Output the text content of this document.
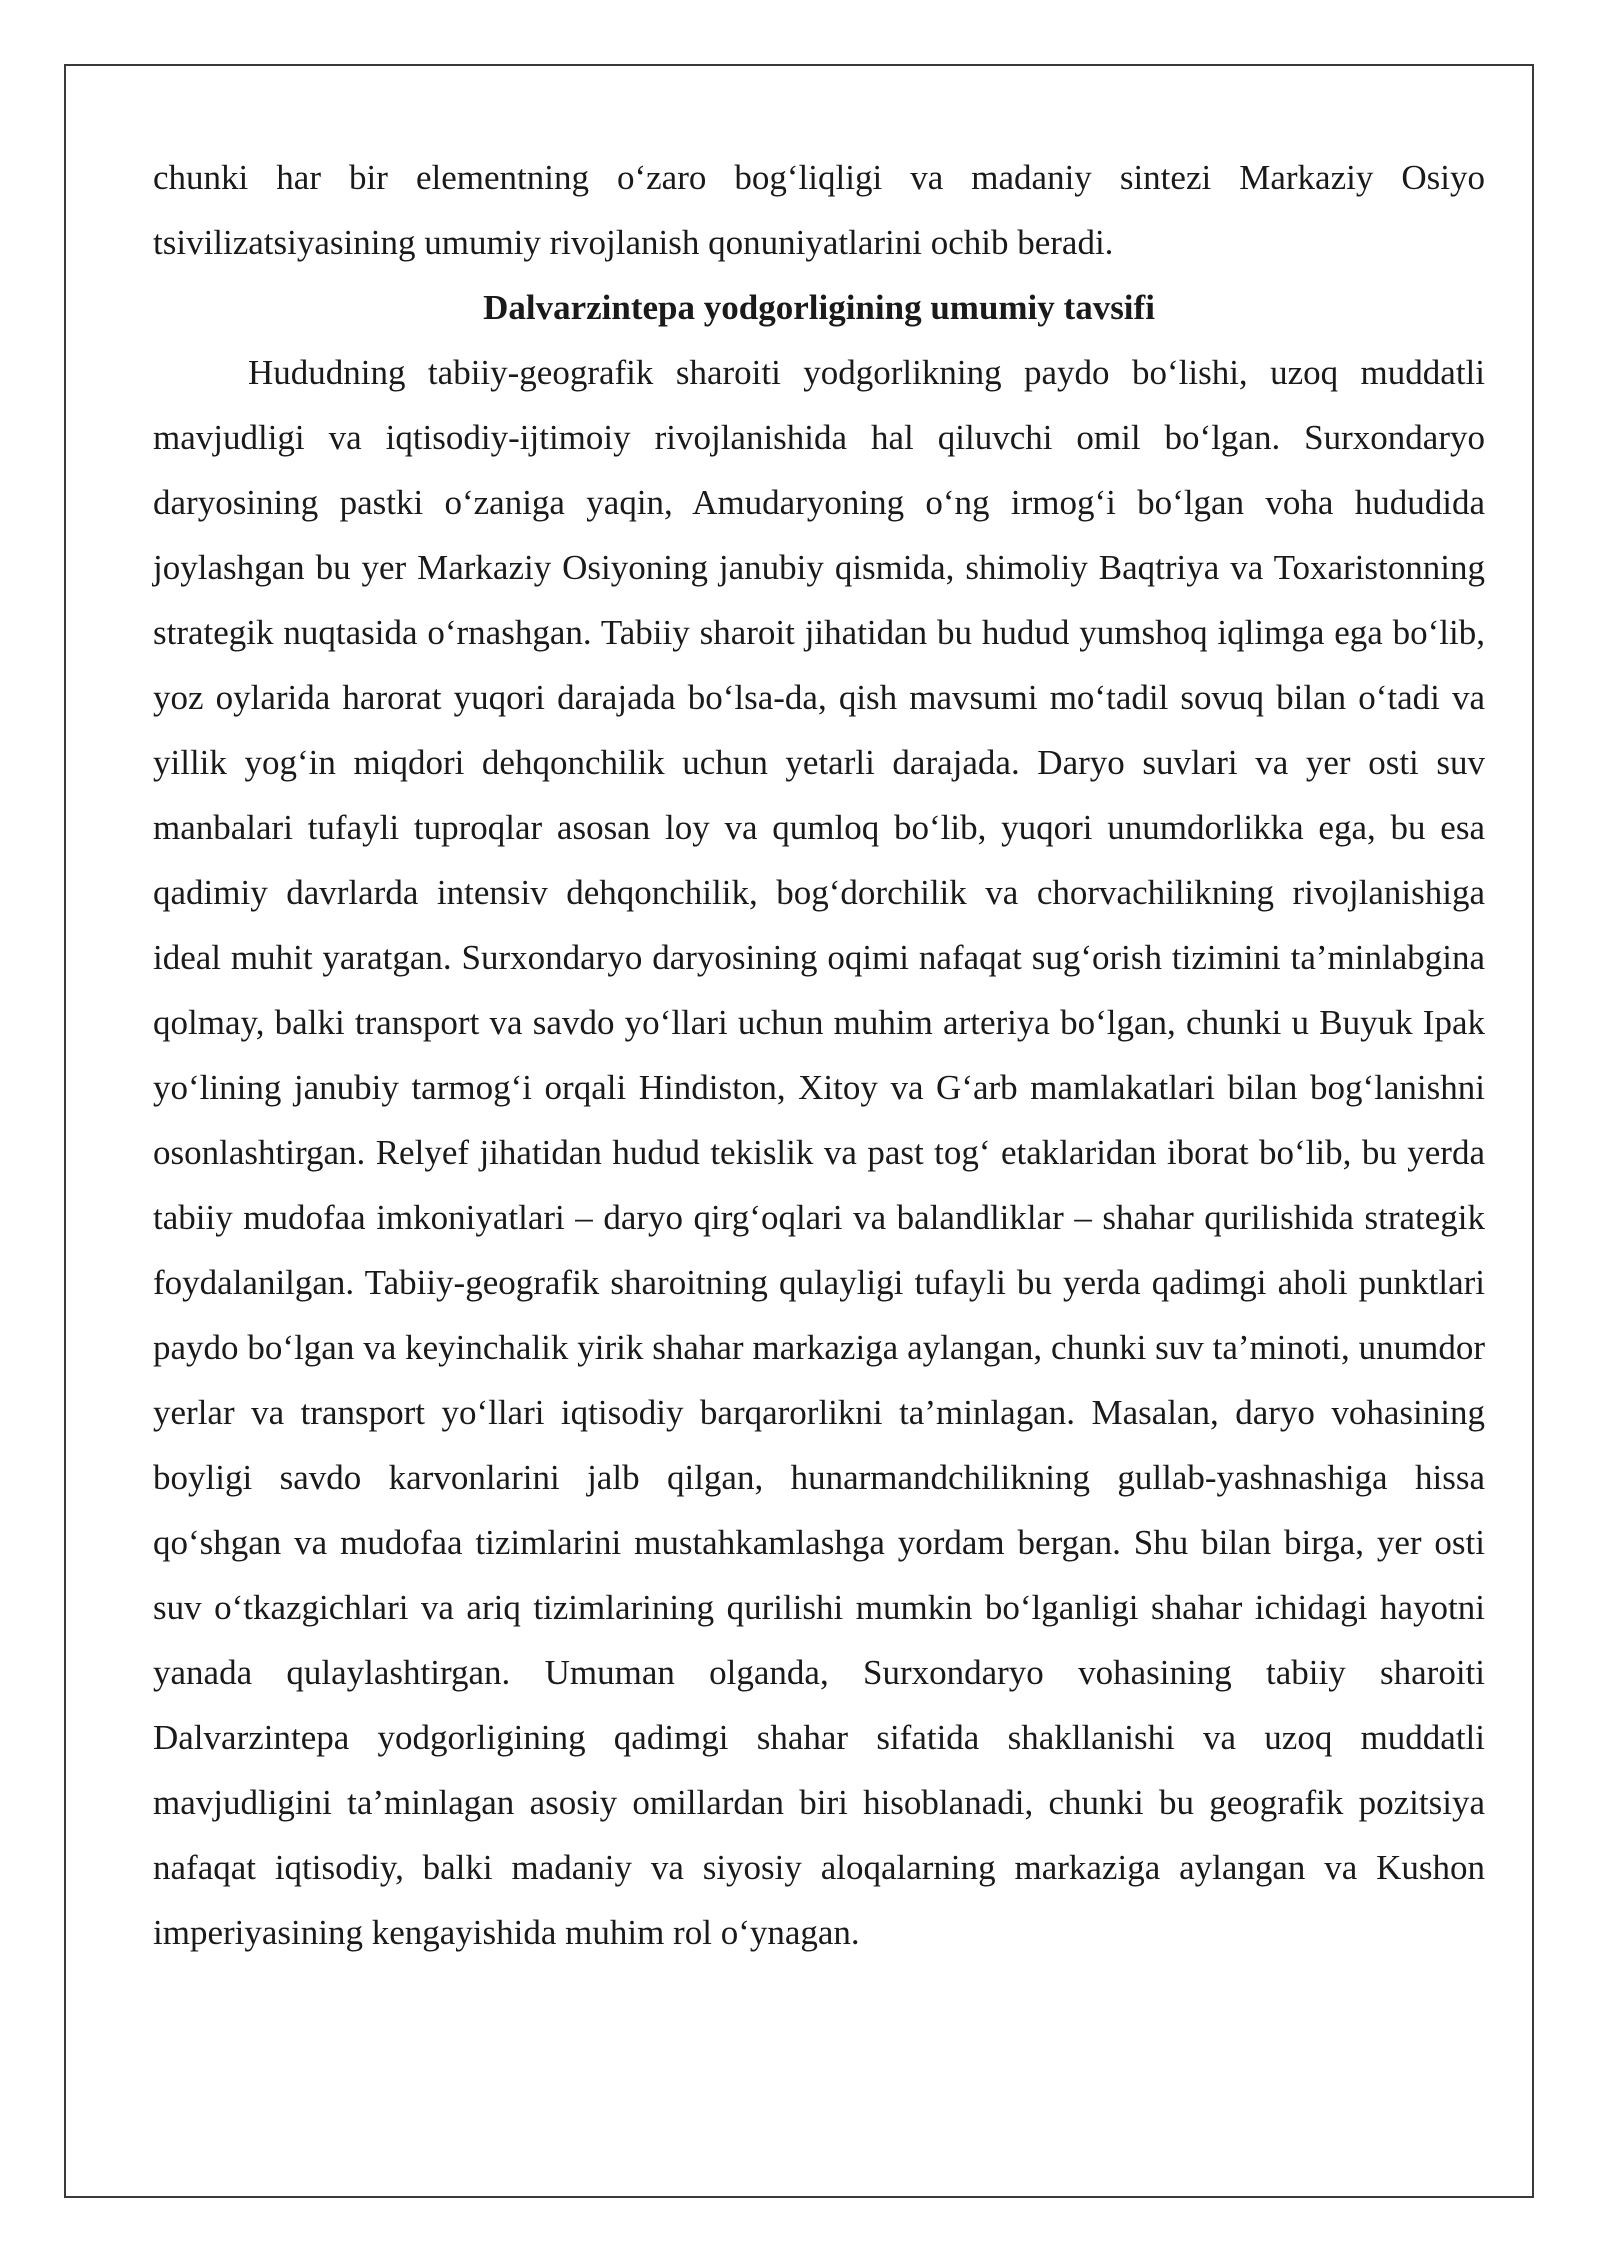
chunki har bir elementning o‘zaro bog‘liqligi va madaniy sintezi Markaziy Osiyo tsivilizatsiyasining umumiy rivojlanish qonuniyatlarini ochib beradi.

Dalvarzintepa yodgorligining umumiy tavsifi

Hududning tabiiy-geografik sharoiti yodgorlikning paydo bo‘lishi, uzoq muddatli mavjudligi va iqtisodiy-ijtimoiy rivojlanishida hal qiluvchi omil bo‘lgan. Surxondaryo daryosining pastki o‘zaniga yaqin, Amudaryoning o‘ng irmog‘i bo‘lgan voha hududida joylashgan bu yer Markaziy Osiyoning janubiy qismida, shimoliy Baqtriya va Toxaristonning strategik nuqtasida o‘rnashgan. Tabiiy sharoit jihatidan bu hudud yumshoq iqlimga ega bo‘lib, yoz oylarida harorat yuqori darajada bo‘lsa-da, qish mavsumi mo‘tadil sovuq bilan o‘tadi va yillik yog‘in miqdori dehqonchilik uchun yetarli darajada. Daryo suvlari va yer osti suv manbalari tufayli tuproqlar asosan loy va qumloq bo‘lib, yuqori unumdorlikka ega, bu esa qadimiy davrlarda intensiv dehqonchilik, bog‘dorchilik va chorvachilikning rivojlanishiga ideal muhit yaratgan. Surxondaryo daryosining oqimi nafaqat sug‘orish tizimini ta’minlabgina qolmay, balki transport va savdo yo‘llari uchun muhim arteriya bo‘lgan, chunki u Buyuk Ipak yo‘lining janubiy tarmog‘i orqali Hindiston, Xitoy va G‘arb mamlakatlari bilan bog‘lanishni osonlashtirgan. Relyef jihatidan hudud tekislik va past tog‘ etaklaridan iborat bo‘lib, bu yerda tabiiy mudofaa imkoniyatlari – daryo qirg‘oqlari va balandliklar – shahar qurilishida strategik foydalanilgan. Tabiiy-geografik sharoitning qulayligi tufayli bu yerda qadimgi aholi punktlari paydo bo‘lgan va keyinchalik yirik shahar markaziga aylangan, chunki suv ta’minoti, unumdor yerlar va transport yo‘llari iqtisodiy barqarorlikni ta’minlagan. Masalan, daryo vohasining boyligi savdo karvonlarini jalb qilgan, hunarmandchilikning gullab-yashnashiga hissa qo‘shgan va mudofaa tizimlarini mustahkamlashga yordam bergan. Shu bilan birga, yer osti suv o‘tkazgichlari va ariq tizimlarining qurilishi mumkin bo‘lganligi shahar ichidagi hayotni yanada qulaylashtirgan. Umuman olganda, Surxondaryo vohasining tabiiy sharoiti Dalvarzintepa yodgorligining qadimgi shahar sifatida shakllanishi va uzoq muddatli mavjudligini ta’minlagan asosiy omillardan biri hisoblanadi, chunki bu geografik pozitsiya nafaqat iqtisodiy, balki madaniy va siyosiy aloqalarning markaziga aylangan va Kushon imperiyasining kengayishida muhim rol o‘ynagan.
